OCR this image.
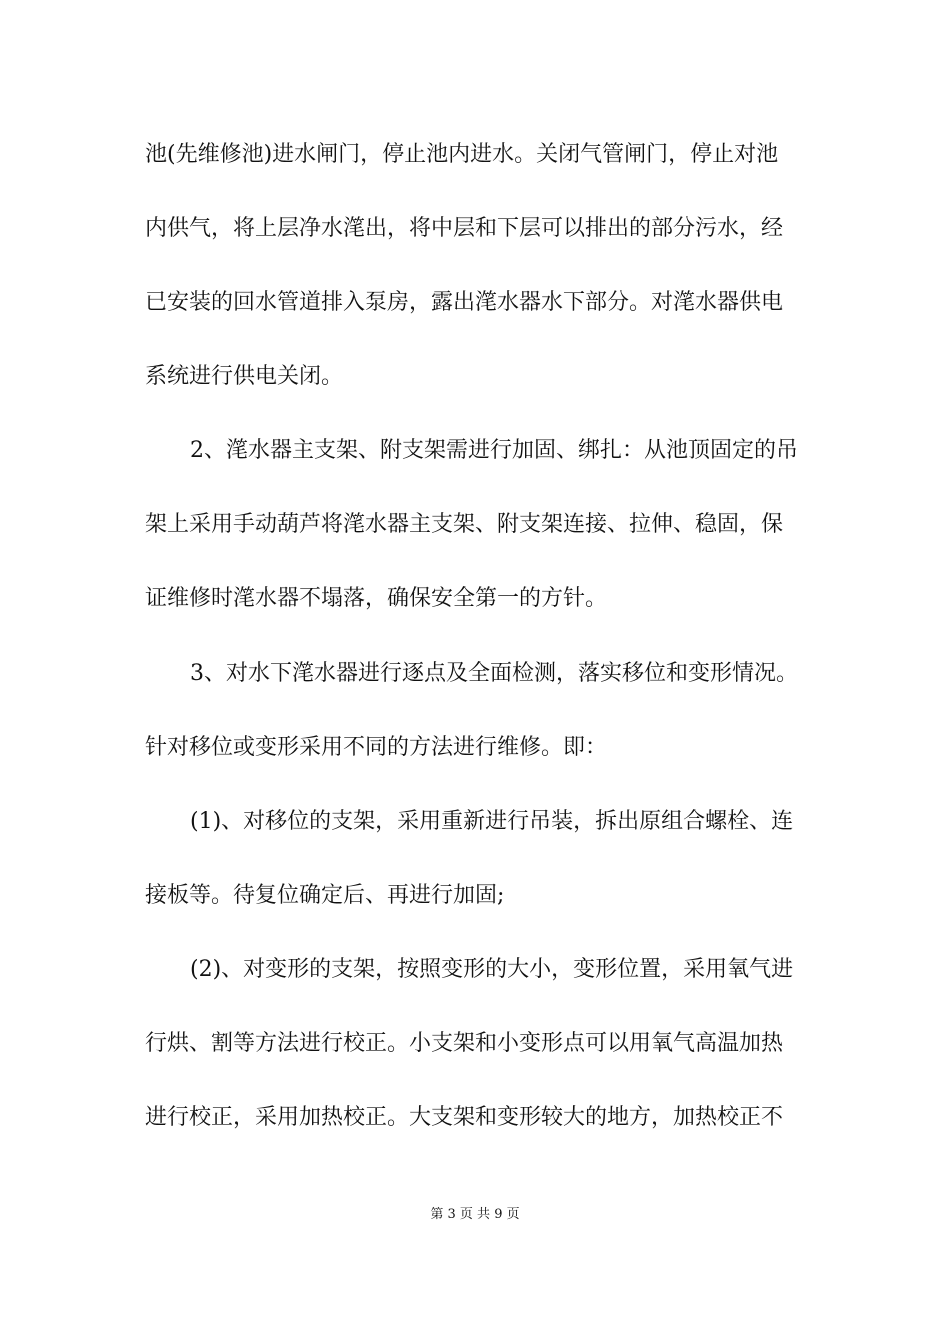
池(先维修池)进水闸门，停止池内进水。关闭气管闸门，停止对池
内供气，将上层净水滗出，将中层和下层可以排出的部分污水，经
已安装的回水管道排入泵房，露出滗水器水下部分。对滗水器供电
系统进行供电关闭。
2、滗水器主支架、附支架需进行加固、绑扎：从池顶固定的吊
架上采用手动葫芦将滗水器主支架、附支架连接、拉伸、稳固，保
证维修时滗水器不塌落，确保安全第一的方针。
3、对水下滗水器进行逐点及全面检测，落实移位和变形情况。
针对移位或变形采用不同的方法进行维修。即：
(1)、对移位的支架，采用重新进行吊装，拆出原组合螺栓、连
接板等。待复位确定后、再进行加固;
(2)、对变形的支架，按照变形的大小，变形位置，采用氧气进
行烘、割等方法进行校正。小支架和小变形点可以用氧气高温加热
进行校正，采用加热校正。大支架和变形较大的地方，加热校正不
第 3 页 共 9 页
